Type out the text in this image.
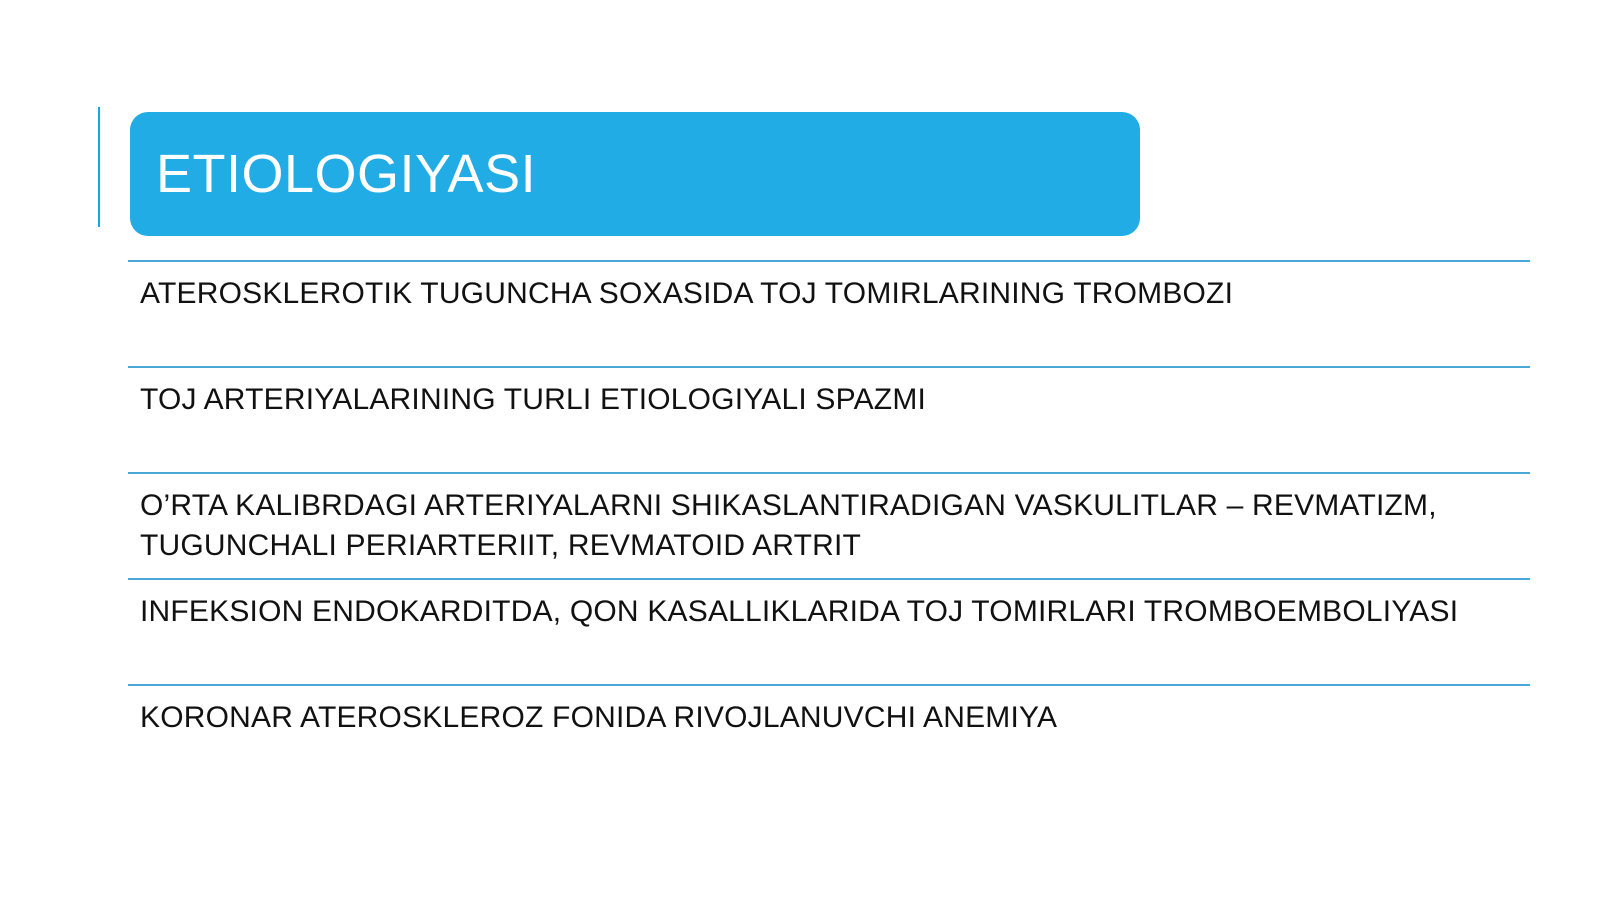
ETIOLOGIYASI
ATEROSKLEROTIK TUGUNCHA SOXASIDA TOJ TOMIRLARINING TROMBOZI
TOJ ARTERIYALARINING TURLI ETIOLOGIYALI SPAZMI
O’RTA KALIBRDAGI ARTERIYALARNI SHIKASLANTIRADIGAN VASKULITLAR – REVMATIZM,
TUGUNCHALI PERIARTERIIT, REVMATOID ARTRIT
INFEKSION ENDOKARDITDA, QON KASALLIKLARIDA TOJ TOMIRLARI TROMBOEMBOLIYASI
KORONAR ATEROSKLEROZ FONIDA RIVOJLANUVCHI ANEMIYA
